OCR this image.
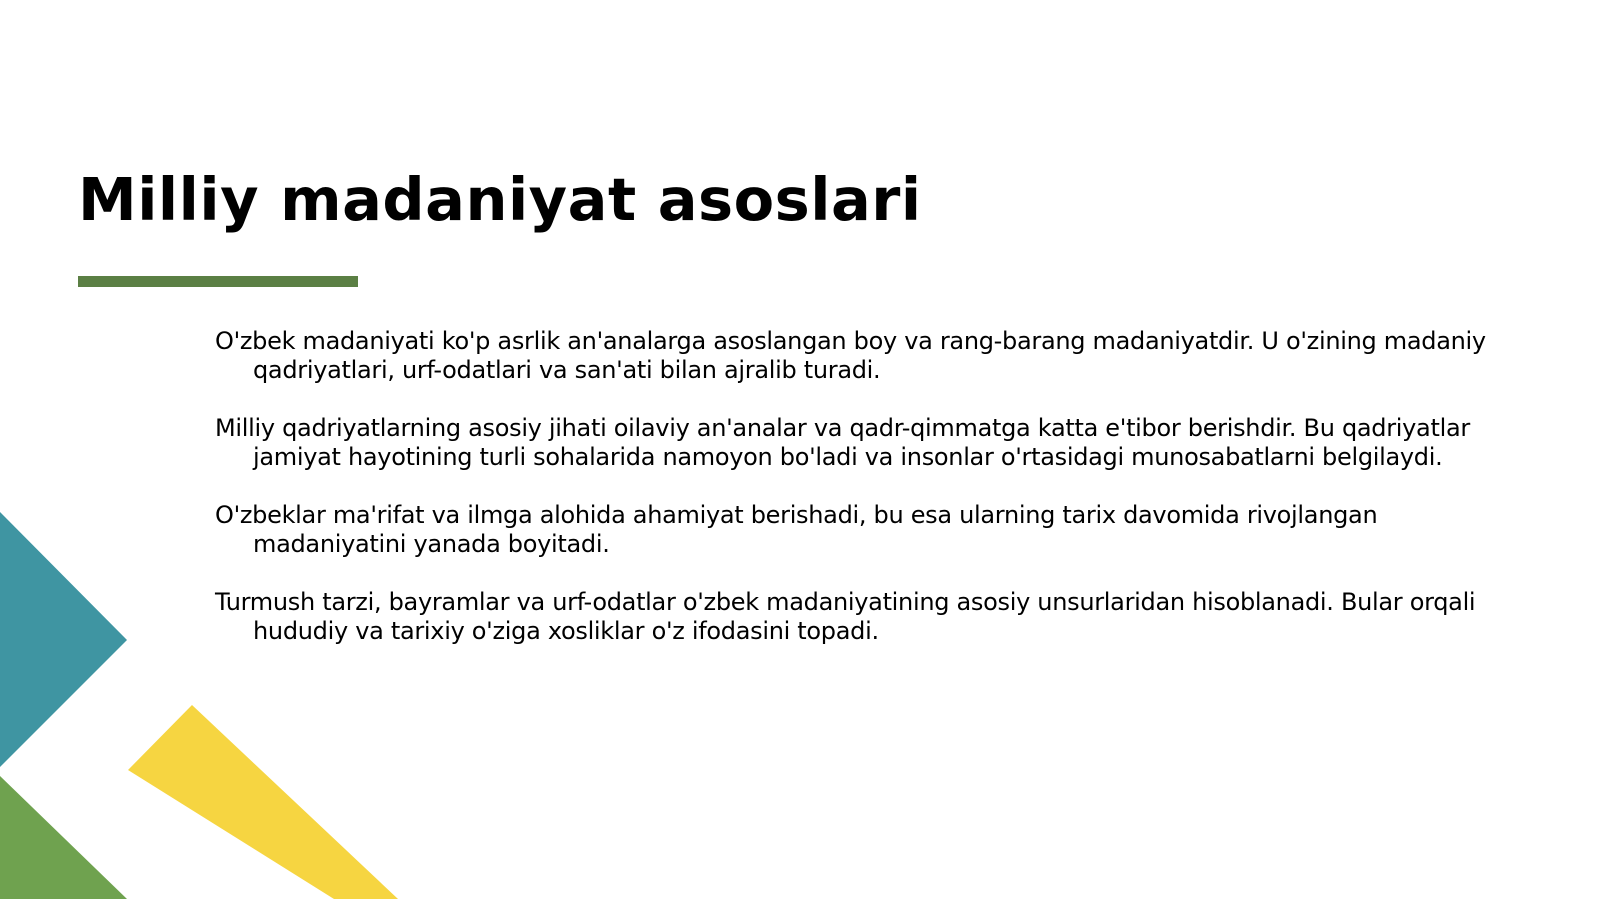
Milliy madaniyat asoslari
O'zbek madaniyati ko'p asrlik an'analarga asoslangan boy va rang-barang madaniyatdir. U o'zining madaniy qadriyatlari, urf-odatlari va san'ati bilan ajralib turadi.
Milliy qadriyatlarning asosiy jihati oilaviy an'analar va qadr-qimmatga katta e'tibor berishdir. Bu qadriyatlar jamiyat hayotining turli sohalarida namoyon bo'ladi va insonlar o'rtasidagi munosabatlarni belgilaydi.
O'zbeklar ma'rifat va ilmga alohida ahamiyat berishadi, bu esa ularning tarix davomida rivojlangan madaniyatini yanada boyitadi.
Turmush tarzi, bayramlar va urf-odatlar o'zbek madaniyatining asosiy unsurlaridan hisoblanadi. Bular orqali hududiy va tarixiy o'ziga xosliklar o'z ifodasini topadi.
